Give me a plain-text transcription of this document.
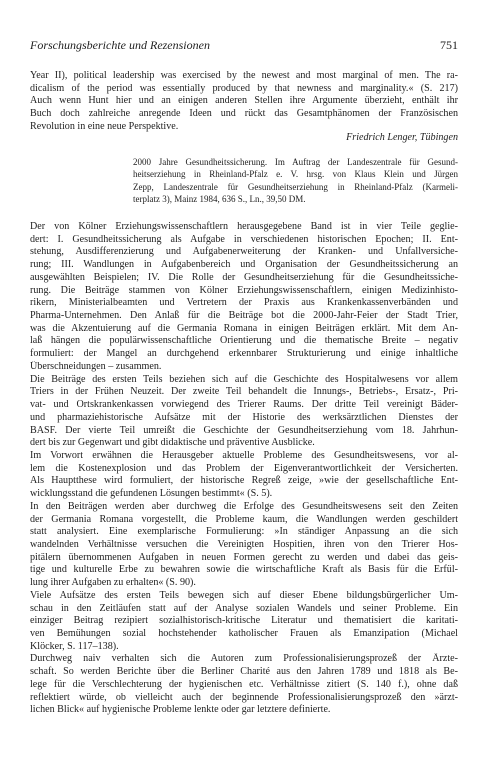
Forschungsberichte und Rezensionen	751
Year II), political leadership was exercised by the newest and most marginal of men. The ra-
dicalism of the period was essentially produced by that newness and marginality.« (S. 217)
Auch wenn Hunt hier und an einigen anderen Stellen ihre Argumente überzieht, enthält ihr
Buch doch zahlreiche anregende Ideen und rückt das Gesamtphänomen der Französischen
Revolution in eine neue Perspektive.
Friedrich Lenger, Tübingen
2000 Jahre Gesundheitssicherung. Im Auftrag der Landeszentrale für Gesund-
heitserziehung in Rheinland-Pfalz e. V. hrsg. von Klaus Klein und Jürgen
Zepp, Landeszentrale für Gesundheitserziehung in Rheinland-Pfalz (Karmeli-
terplatz 3), Mainz 1984, 636 S., Ln., 39,50 DM.
Der von Kölner Erziehungswissenschaftlern herausgegebene Band ist in vier Teile geglie-
dert: I. Gesundheitssicherung als Aufgabe in verschiedenen historischen Epochen; II. Ent-
stehung, Ausdifferenzierung und Aufgabenerweiterung der Kranken- und Unfallversiche-
rung; III. Wandlungen in Aufgabenbereich und Organisation der Gesundheitssicherung an
ausgewählten Beispielen; IV. Die Rolle der Gesundheitserziehung für die Gesundheitssiche-
rung. Die Beiträge stammen von Kölner Erziehungswissenschaftlern, einigen Medizinhisto-
rikern, Ministerialbeamten und Vertretern der Praxis aus Krankenkassenverbänden und
Pharma-Unternehmen. Den Anlaß für die Beiträge bot die 2000-Jahr-Feier der Stadt Trier,
was die Akzentuierung auf die Germania Romana in einigen Beiträgen erklärt. Mit dem An-
laß hängen die populärwissenschaftliche Orientierung und die thematische Breite – negativ
formuliert: der Mangel an durchgehend erkennbarer Strukturierung und einige inhaltliche
Überschneidungen – zusammen.
Die Beiträge des ersten Teils beziehen sich auf die Geschichte des Hospitalwesens vor allem
Triers in der Frühen Neuzeit. Der zweite Teil behandelt die Innungs-, Betriebs-, Ersatz-, Pri-
vat- und Ortskrankenkassen vorwiegend des Trierer Raums. Der dritte Teil vereinigt Bäder-
und pharmaziehistorische Aufsätze mit der Historie des werksärztlichen Dienstes der
BASF. Der vierte Teil umreißt die Geschichte der Gesundheitserziehung vom 18. Jahrhun-
dert bis zur Gegenwart und gibt didaktische und präventive Ausblicke.
Im Vorwort erwähnen die Herausgeber aktuelle Probleme des Gesundheitswesens, vor al-
lem die Kostenexplosion und das Problem der Eigenverantwortlichkeit der Versicherten.
Als Hauptthese wird formuliert, der historische Regreß zeige, »wie der gesellschaftliche Ent-
wicklungsstand die gefundenen Lösungen bestimmt« (S. 5).
In den Beiträgen werden aber durchweg die Erfolge des Gesundheitswesens seit den Zeiten
der Germania Romana vorgestellt, die Probleme kaum, die Wandlungen werden geschildert
statt analysiert. Eine exemplarische Formulierung: »In ständiger Anpassung an die sich
wandelnden Verhältnisse versuchen die Vereinigten Hospitien, ihren von den Trierer Hos-
pitälern übernommenen Aufgaben in neuen Formen gerecht zu werden und dabei das geis-
tige und kulturelle Erbe zu bewahren sowie die wirtschaftliche Kraft als Basis für die Erfül-
lung ihrer Aufgaben zu erhalten« (S. 90).
Viele Aufsätze des ersten Teils bewegen sich auf dieser Ebene bildungsbürgerlicher Um-
schau in den Zeitläufen statt auf der Analyse sozialen Wandels und seiner Probleme. Ein
einziger Beitrag rezipiert sozialhistorisch-kritische Literatur und thematisiert die karitati-
ven Bemühungen sozial hochstehender katholischer Frauen als Emanzipation (Michael
Klöcker, S. 117–138).
Durchweg naiv verhalten sich die Autoren zum Professionalisierungsprozeß der Ärzte-
schaft. So werden Berichte über die Berliner Charité aus den Jahren 1789 und 1818 als Be-
lege für die Verschlechterung der hygienischen etc. Verhältnisse zitiert (S. 140 f.), ohne daß
reflektiert würde, ob vielleicht auch der beginnende Professionalisierungsprozeß den »ärzt-
lichen Blick« auf hygienische Probleme lenkte oder gar letztere definierte.
